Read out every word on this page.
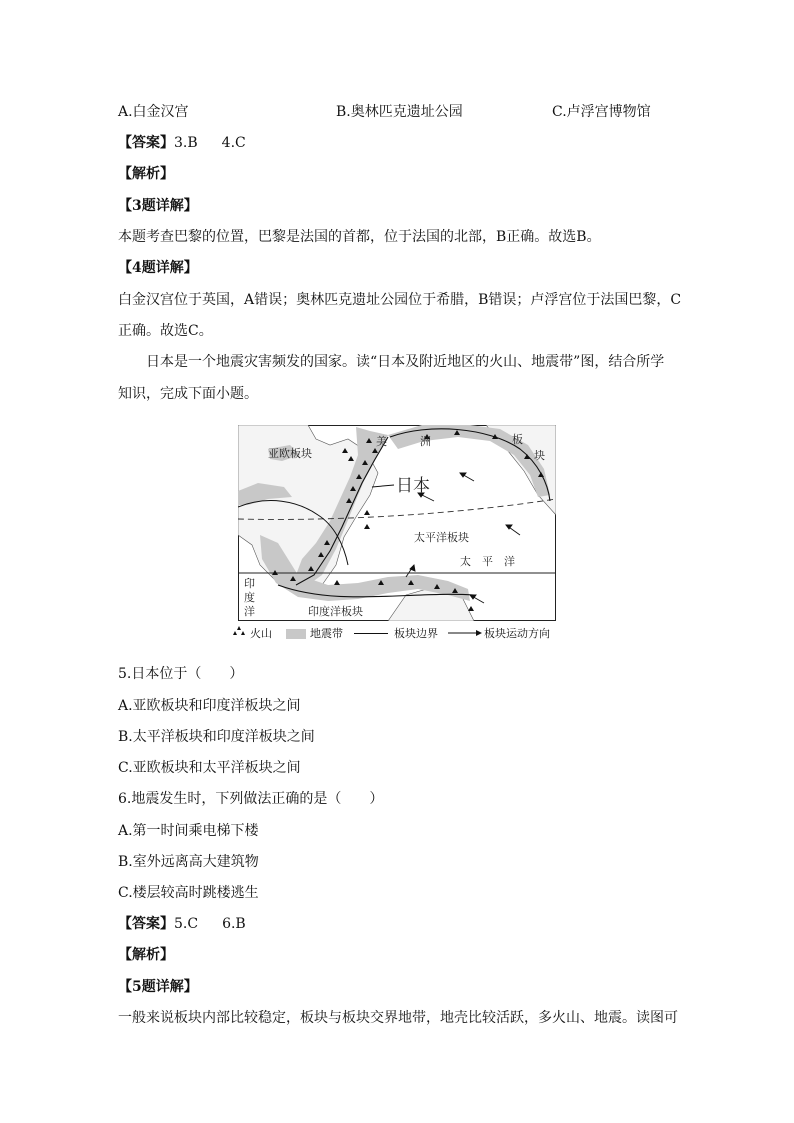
A.白金汉宫	B.奥林匹克遗址公园	C.卢浮宫博物馆
【答案】3.B 4.C
【解析】
【3题详解】
本题考查巴黎的位置，巴黎是法国的首都，位于法国的北部，B正确。故选B。
【4题详解】
白金汉宫位于英国，A错误；奥林匹克遗址公园位于希腊，B错误；卢浮宫位于法国巴黎，C
正确。故选C。
日本是一个地震灾害频发的国家。读“日本及附近地区的火山、地震带”图，结合所学
知识，完成下面小题。
亚欧板块
美	洲	板
块
日本
太平洋板块
太　平　洋
印
度
洋	印度洋板块
火山	地震带	板块边界	板块运动方向
5.日本位于（　　）
A.亚欧板块和印度洋板块之间
B.太平洋板块和印度洋板块之间
C.亚欧板块和太平洋板块之间
6.地震发生时，下列做法正确的是（　　）
A.第一时间乘电梯下楼
B.室外远离高大建筑物
C.楼层较高时跳楼逃生
【答案】5.C 6.B
【解析】
【5题详解】
一般来说板块内部比较稳定，板块与板块交界地带，地壳比较活跃，多火山、地震。读图可
